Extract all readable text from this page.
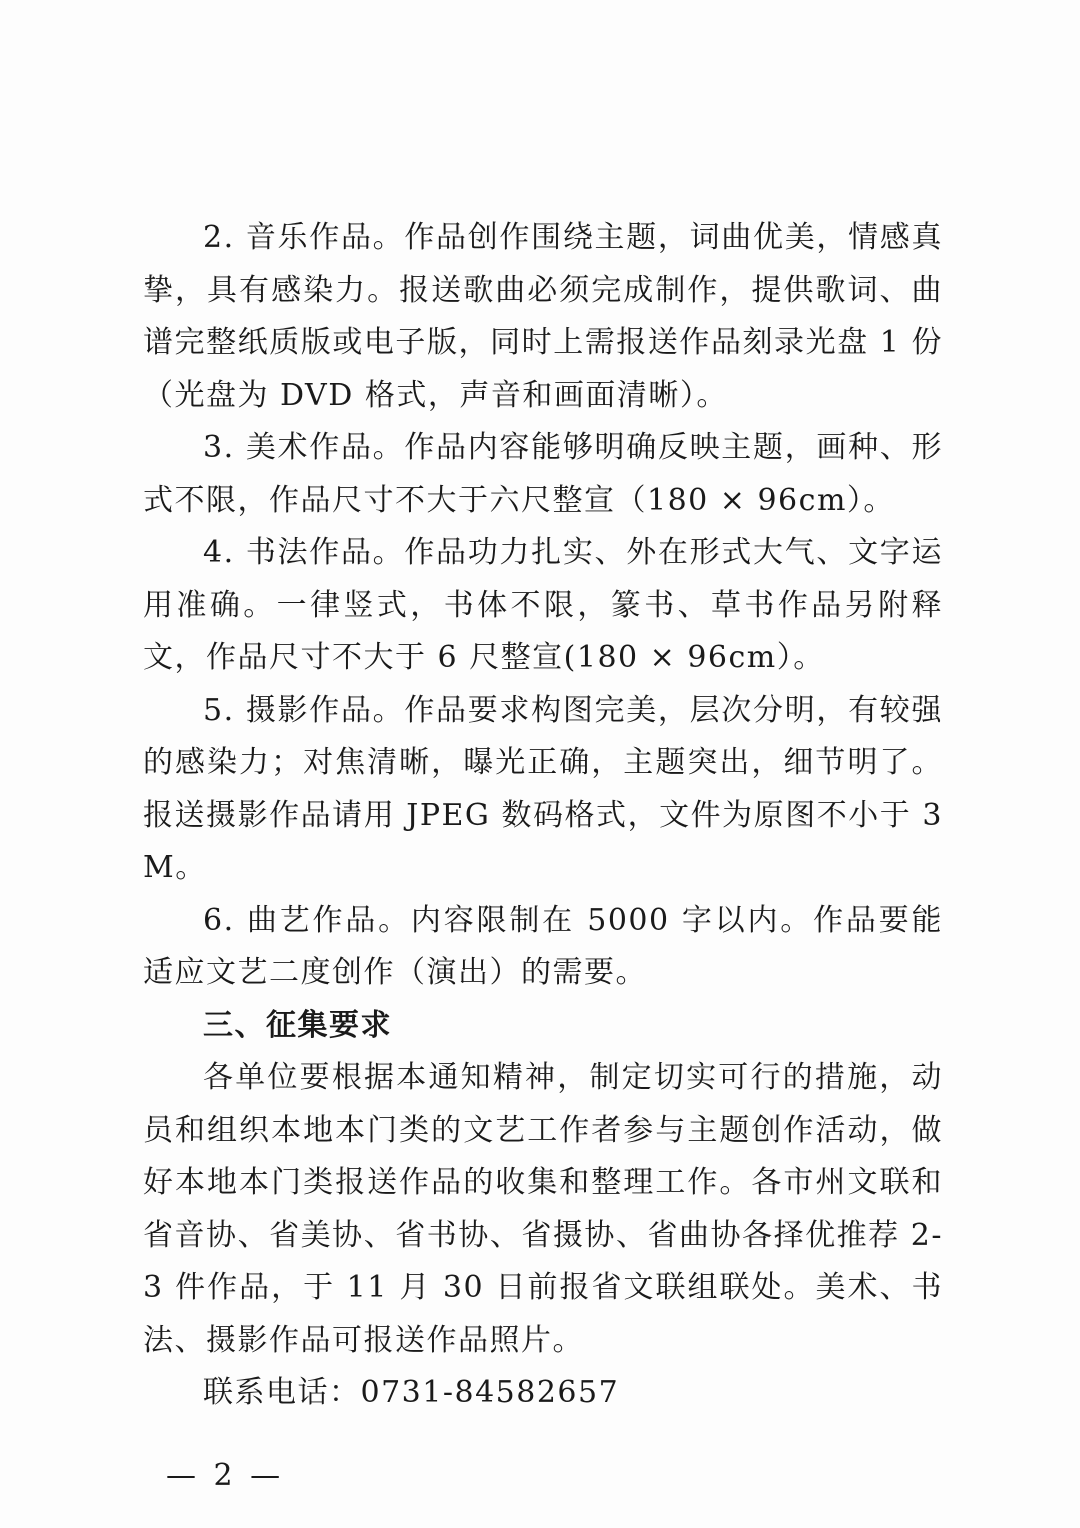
2. 音乐作品。作品创作围绕主题，词曲优美，情感真挚，具有感染力。报送歌曲必须完成制作，提供歌词、曲谱完整纸质版或电子版，同时上需报送作品刻录光盘 1 份（光盘为 DVD 格式，声音和画面清晰）。

3. 美术作品。作品内容能够明确反映主题，画种、形式不限，作品尺寸不大于六尺整宣（180 × 96cm）。

4. 书法作品。作品功力扎实、外在形式大气、文字运用准确。一律竖式，书体不限，篆书、草书作品另附释文，作品尺寸不大于 6 尺整宣(180 × 96cm）。

5. 摄影作品。作品要求构图完美，层次分明，有较强的感染力；对焦清晰，曝光正确，主题突出，细节明了。报送摄影作品请用 JPEG 数码格式，文件为原图不小于 3M。

6. 曲艺作品。内容限制在 5000 字以内。作品要能适应文艺二度创作（演出）的需要。

三、征集要求

各单位要根据本通知精神，制定切实可行的措施，动员和组织本地本门类的文艺工作者参与主题创作活动，做好本地本门类报送作品的收集和整理工作。各市州文联和省音协、省美协、省书协、省摄协、省曲协各择优推荐 2-3 件作品，于 11 月 30 日前报省文联组联处。美术、书法、摄影作品可报送作品照片。

联系电话：0731-84582657

— 2 —
